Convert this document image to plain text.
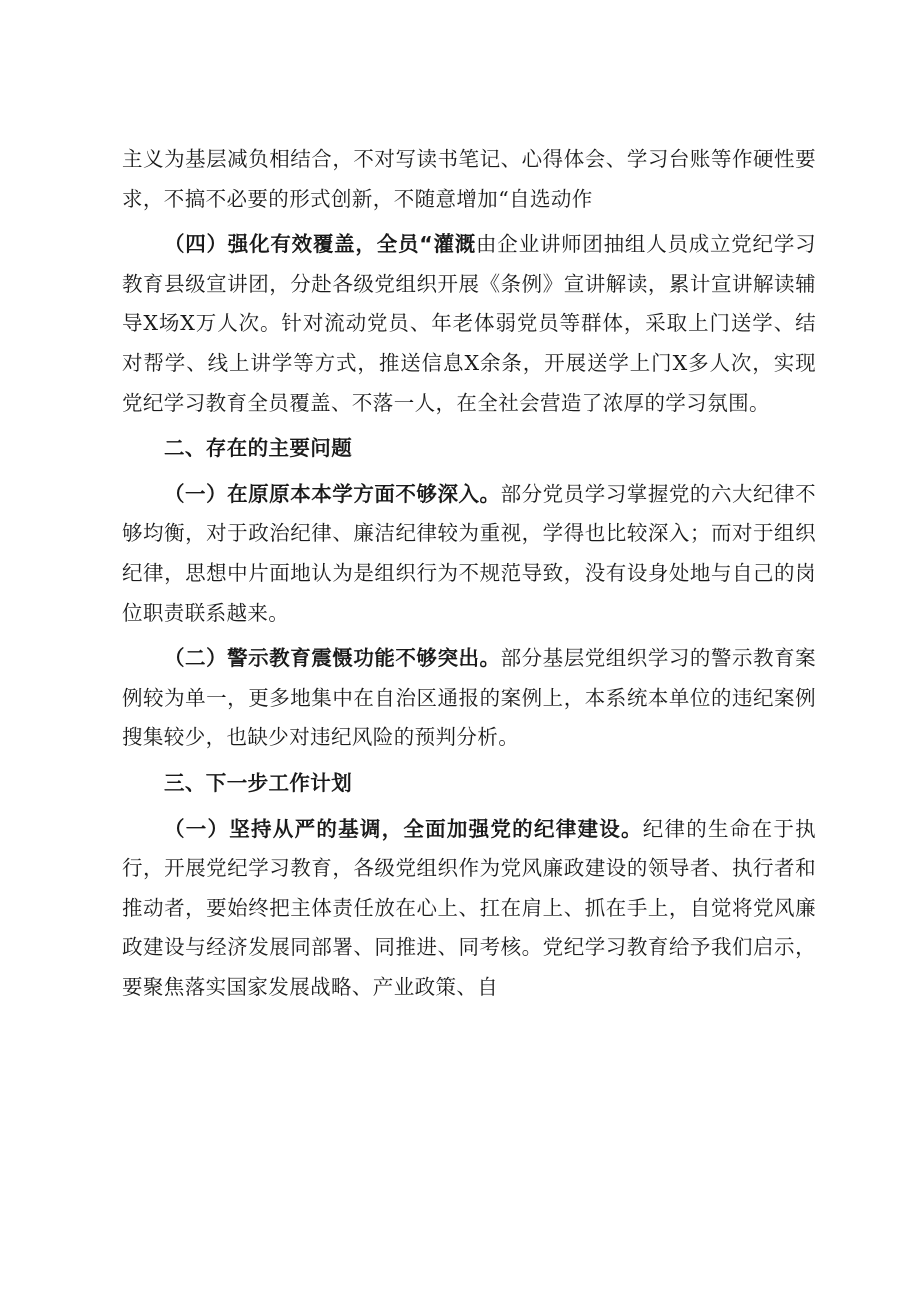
主义为基层减负相结合，不对写读书笔记、心得体会、学习台账等作硬性要求，不搞不必要的形式创新，不随意增加“自选动作

（四）强化有效覆盖，全员“灌溉由企业讲师团抽组人员成立党纪学习教育县级宣讲团，分赴各级党组织开展《条例》宣讲解读，累计宣讲解读辅导X场X万人次。针对流动党员、年老体弱党员等群体，采取上门送学、结对帮学、线上讲学等方式，推送信息X余条，开展送学上门X多人次，实现党纪学习教育全员覆盖、不落一人，在全社会营造了浓厚的学习氛围。

二、存在的主要问题

（一）在原原本本学方面不够深入。部分党员学习掌握党的六大纪律不够均衡，对于政治纪律、廉洁纪律较为重视，学得也比较深入；而对于组织纪律，思想中片面地认为是组织行为不规范导致，没有设身处地与自己的岗位职责联系越来。

（二）警示教育震慑功能不够突出。部分基层党组织学习的警示教育案例较为单一，更多地集中在自治区通报的案例上，本系统本单位的违纪案例搜集较少，也缺少对违纪风险的预判分析。

三、下一步工作计划

（一）坚持从严的基调，全面加强党的纪律建设。纪律的生命在于执行，开展党纪学习教育，各级党组织作为党风廉政建设的领导者、执行者和推动者，要始终把主体责任放在心上、扛在肩上、抓在手上，自觉将党风廉政建设与经济发展同部署、同推进、同考核。党纪学习教育给予我们启示，要聚焦落实国家发展战略、产业政策、自
